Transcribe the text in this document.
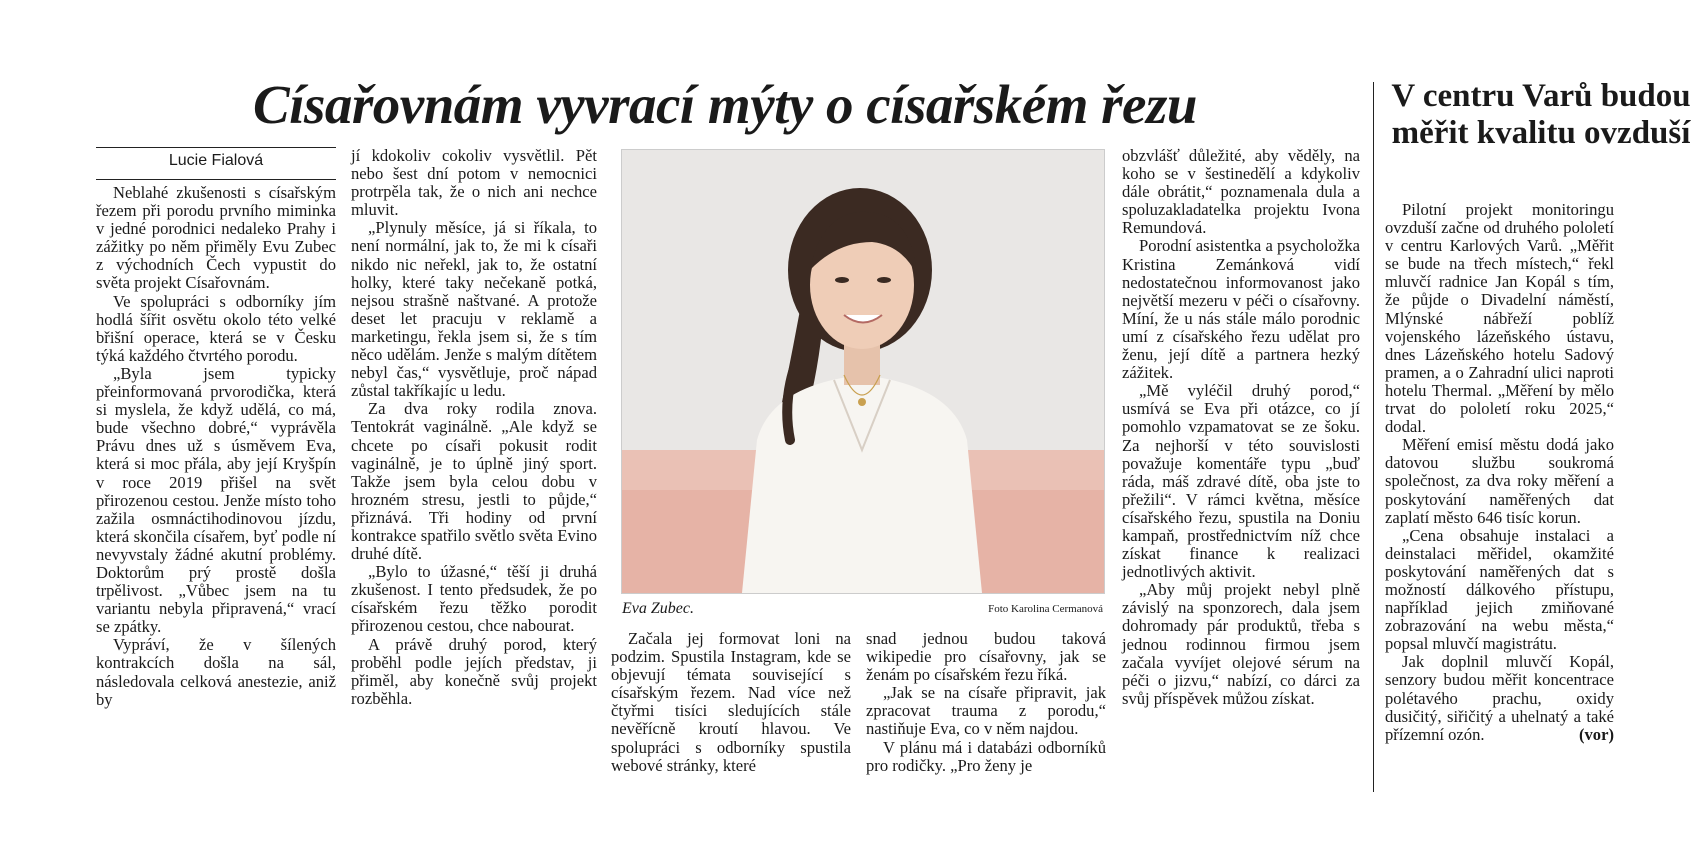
Císařovnám vyvrací mýty o císařském řezu
Lucie Fialová

Neblahé zkušenosti s císařským řezem při porodu prvního miminka v jedné porodnici nedaleko Prahy i zážitky po něm přiměly Evu Zubec z východních Čech vypustit do světa projekt Císařovnám.

Ve spolupráci s odborníky jím hodlá šířit osvětu okolo této velké břišní operace, která se v Česku týká každého čtvrtého porodu.

„Byla jsem typicky přeinformovaná prvorodička, která si myslela, že když udělá, co má, bude všechno dobré,“ vyprávěla Právu dnes už s úsměvem Eva, která si moc přála, aby její Kryšpín v roce 2019 přišel na svět přirozenou cestou. Jenže místo toho zažila osmnáctihodinovou jízdu, která skončila císařem, byť podle ní nevyvstaly žádné akutní problémy. Doktorům prý prostě došla trpělivost. „Vůbec jsem na tu variantu nebyla připravená,“ vrací se zpátky.

Vypráví, že v šílených kontrakcích došla na sál, následovala celková anestezie, aniž by

jí kdokoliv cokoliv vysvětlil. Pět nebo šest dní potom v nemocnici protrpěla tak, že o nich ani nechce mluvit.

„Plynuly měsíce, já si říkala, to není normální, jak to, že mi k císaři nikdo nic neřekl, jak to, že ostatní holky, které taky nečekaně potká, nejsou strašně naštvané. A protože deset let pracuju v reklamě a marketingu, řekla jsem si, že s tím něco udělám. Jenže s malým dítětem nebyl čas,“ vysvětluje, proč nápad zůstal takříkajíc u ledu.

Za dva roky rodila znova. Tentokrát vaginálně. „Ale když se chcete po císaři pokusit rodit vaginálně, je to úplně jiný sport. Takže jsem byla celou dobu v hrozném stresu, jestli to půjde,“ přiznává. Tři hodiny od první kontrakce spatřilo světlo světa Evino druhé dítě.

„Bylo to úžasné,“ těší ji druhá zkušenost. I tento předsudek, že po císařském řezu těžko porodit přirozenou cestou, chce nabourat.

A právě druhý porod, který proběhl podle jejích představ, ji přiměl, aby konečně svůj projekt rozběhla.

Eva Zubec.	Foto Karolina Cermanová

Začala jej formovat loni na podzim. Spustila Instagram, kde se objevují témata související s císařským řezem. Nad více než čtyřmi tisíci sledujících stále nevěřícně kroutí hlavou. Ve spolupráci s odborníky spustila webové stránky, které

snad jednou budou taková wikipedie pro císařovny, jak se ženám po císařském řezu říká.

„Jak se na císaře připravit, jak zpracovat trauma z porodu,“ nastiňuje Eva, co v něm najdou.

V plánu má i databázi odborníků pro rodičky. „Pro ženy je

obzvlášť důležité, aby věděly, na koho se v šestinedělí a kdykoliv dále obrátit,“ poznamenala dula a spoluzakladatelka projektu Ivona Remundová.

Porodní asistentka a psycholožka Kristina Zemánková vidí nedostatečnou informovanost jako největší mezeru v péči o císařovny. Míní, že u nás stále málo porodnic umí z císařského řezu udělat pro ženu, její dítě a partnera hezký zážitek.

„Mě vyléčil druhý porod,“ usmívá se Eva při otázce, co jí pomohlo vzpamatovat se ze šoku. Za nejhorší v této souvislosti považuje komentáře typu „buď ráda, máš zdravé dítě, oba jste to přežili“. V rámci května, měsíce císařského řezu, spustila na Doniu kampaň, prostřednictvím níž chce získat finance k realizaci jednotlivých aktivit.

„Aby můj projekt nebyl plně závislý na sponzorech, dala jsem dohromady pár produktů, třeba s jednou rodinnou firmou jsem začala vyvíjet olejové sérum na péči o jizvu,“ nabízí, co dárci za svůj příspěvek můžou získat.

V centru Varů budou měřit kvalitu ovzduší

Pilotní projekt monitoringu ovzduší začne od druhého pololetí v centru Karlových Varů. „Měřit se bude na třech místech,“ řekl mluvčí radnice Jan Kopál s tím, že půjde o Divadelní náměstí, Mlýnské nábřeží poblíž vojenského lázeňského ústavu, dnes Lázeňského hotelu Sadový pramen, a o Zahradní ulici naproti hotelu Thermal. „Měření by mělo trvat do pololetí roku 2025,“ dodal.

Měření emisí městu dodá jako datovou službu soukromá společnost, za dva roky měření a poskytování naměřených dat zaplatí město 646 tisíc korun.

„Cena obsahuje instalaci a deinstalaci měřidel, okamžité poskytování naměřených dat s možností dálkového přístupu, například jejich zmiňované zobrazování na webu města,“ popsal mluvčí magistrátu.

Jak doplnil mluvčí Kopál, senzory budou měřit koncentrace polétavého prachu, oxidy dusičitý, siřičitý a uhelnatý a také přízemní ozón.	(vor)
